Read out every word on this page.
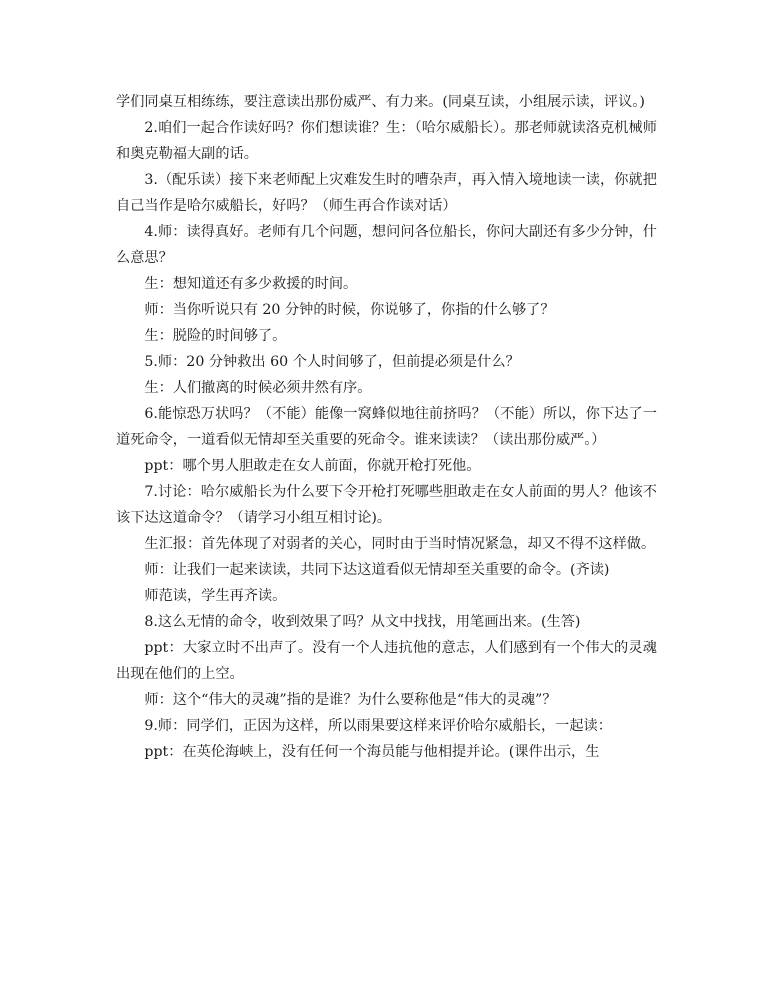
学们同桌互相练练，要注意读出那份威严、有力来。(同桌互读，小组展示读，评议。)

2.咱们一起合作读好吗？你们想读谁？生：（哈尔威船长）。那老师就读洛克机械师和奥克勒福大副的话。

3.（配乐读）接下来老师配上灾难发生时的嘈杂声，再入情入境地读一读，你就把自己当作是哈尔威船长，好吗？（师生再合作读对话）

4.师：读得真好。老师有几个问题，想问问各位船长，你问大副还有多少分钟，什么意思？

生：想知道还有多少救援的时间。

师：当你听说只有 20 分钟的时候，你说够了，你指的什么够了？

生：脱险的时间够了。

5.师：20 分钟救出 60 个人时间够了，但前提必须是什么？

生：人们撤离的时候必须井然有序。

6.能惊恐万状吗？（不能）能像一窝蜂似地往前挤吗？（不能）所以，你下达了一道死命令，一道看似无情却至关重要的死命令。谁来读读？（读出那份威严。）

ppt：哪个男人胆敢走在女人前面，你就开枪打死他。

7.讨论：哈尔威船长为什么要下令开枪打死哪些胆敢走在女人前面的男人？他该不该下达这道命令？（请学习小组互相讨论)。

生汇报：首先体现了对弱者的关心，同时由于当时情况紧急，却又不得不这样做。

师：让我们一起来读读，共同下达这道看似无情却至关重要的命令。(齐读)

师范读，学生再齐读。

8.这么无情的命令，收到效果了吗？从文中找找，用笔画出来。(生答)

ppt：大家立时不出声了。没有一个人违抗他的意志，人们感到有一个伟大的灵魂出现在他们的上空。

师：这个“伟大的灵魂”指的是谁？为什么要称他是“伟大的灵魂”？

9.师：同学们，正因为这样，所以雨果要这样来评价哈尔威船长，一起读：

ppt：在英伦海峡上，没有任何一个海员能与他相提并论。(课件出示，生
